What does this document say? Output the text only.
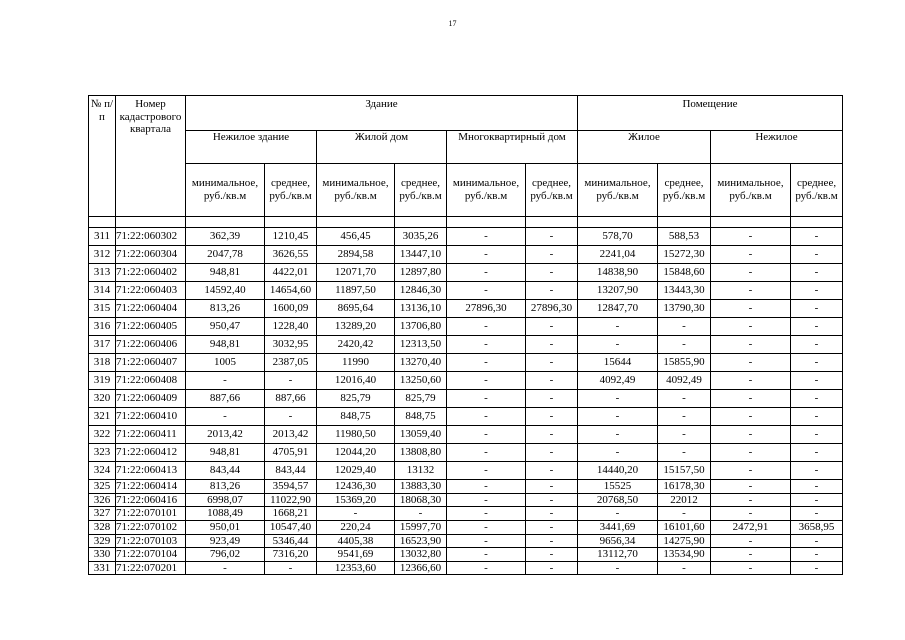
17
№ п/п	Номер кадастрового квартала	Здание						Помещение			
		Нежилое здание		Жилой дом		Многоквартирный дом		Жилое		Нежилое	
		минимальное, руб./кв.м	среднее, руб./кв.м	минимальное, руб./кв.м	среднее, руб./кв.м	минимальное, руб./кв.м	среднее, руб./кв.м	минимальное, руб./кв.м	среднее, руб./кв.м	минимальное, руб./кв.м	среднее, руб./кв.м

311	71:22:060302	362,39	1210,45	456,45	3035,26	-	-	578,70	588,53	-	-
312	71:22:060304	2047,78	3626,55	2894,58	13447,10	-	-	2241,04	15272,30	-	-
313	71:22:060402	948,81	4422,01	12071,70	12897,80	-	-	14838,90	15848,60	-	-
314	71:22:060403	14592,40	14654,60	11897,50	12846,30	-	-	13207,90	13443,30	-	-
315	71:22:060404	813,26	1600,09	8695,64	13136,10	27896,30	27896,30	12847,70	13790,30	-	-
316	71:22:060405	950,47	1228,40	13289,20	13706,80	-	-	-	-	-	-
317	71:22:060406	948,81	3032,95	2420,42	12313,50	-	-	-	-	-	-
318	71:22:060407	1005	2387,05	11990	13270,40	-	-	15644	15855,90	-	-
319	71:22:060408	-	-	12016,40	13250,60	-	-	4092,49	4092,49	-	-
320	71:22:060409	887,66	887,66	825,79	825,79	-	-	-	-	-	-
321	71:22:060410	-	-	848,75	848,75	-	-	-	-	-	-
322	71:22:060411	2013,42	2013,42	11980,50	13059,40	-	-	-	-	-	-
323	71:22:060412	948,81	4705,91	12044,20	13808,80	-	-	-	-	-	-
324	71:22:060413	843,44	843,44	12029,40	13132	-	-	14440,20	15157,50	-	-
325	71:22:060414	813,26	3594,57	12436,30	13883,30	-	-	15525	16178,30	-	-
326	71:22:060416	6998,07	11022,90	15369,20	18068,30	-	-	20768,50	22012	-	-
327	71:22:070101	1088,49	1668,21	-	-	-	-	-	-	-	-
328	71:22:070102	950,01	10547,40	220,24	15997,70	-	-	3441,69	16101,60	2472,91	3658,95
329	71:22:070103	923,49	5346,44	4405,38	16523,90	-	-	9656,34	14275,90	-	-
330	71:22:070104	796,02	7316,20	9541,69	13032,80	-	-	13112,70	13534,90	-	-
331	71:22:070201	-	-	12353,60	12366,60	-	-	-	-	-	-
